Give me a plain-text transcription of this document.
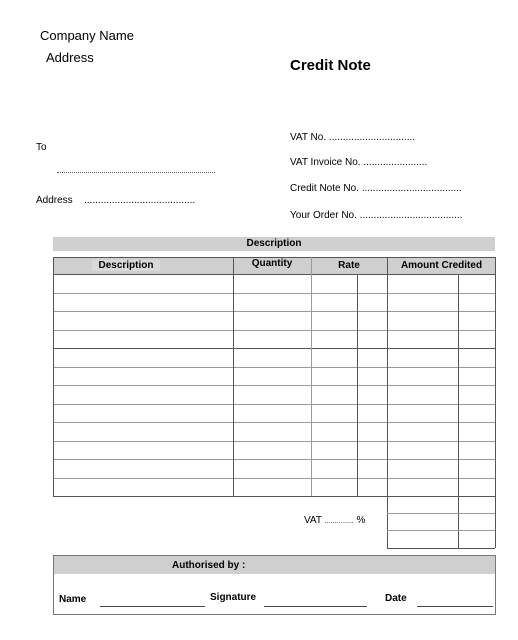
Company Name
Address	Credit Note
To
Address ........................................
VAT No. ...............................
VAT Invoice No. .......................
Credit Note No. ....................................
Your Order No. .....................................
Description
Description	Quantity	Rate	Amount Credited
VAT ............... %
Authorised by :
Name	Signature	Date
